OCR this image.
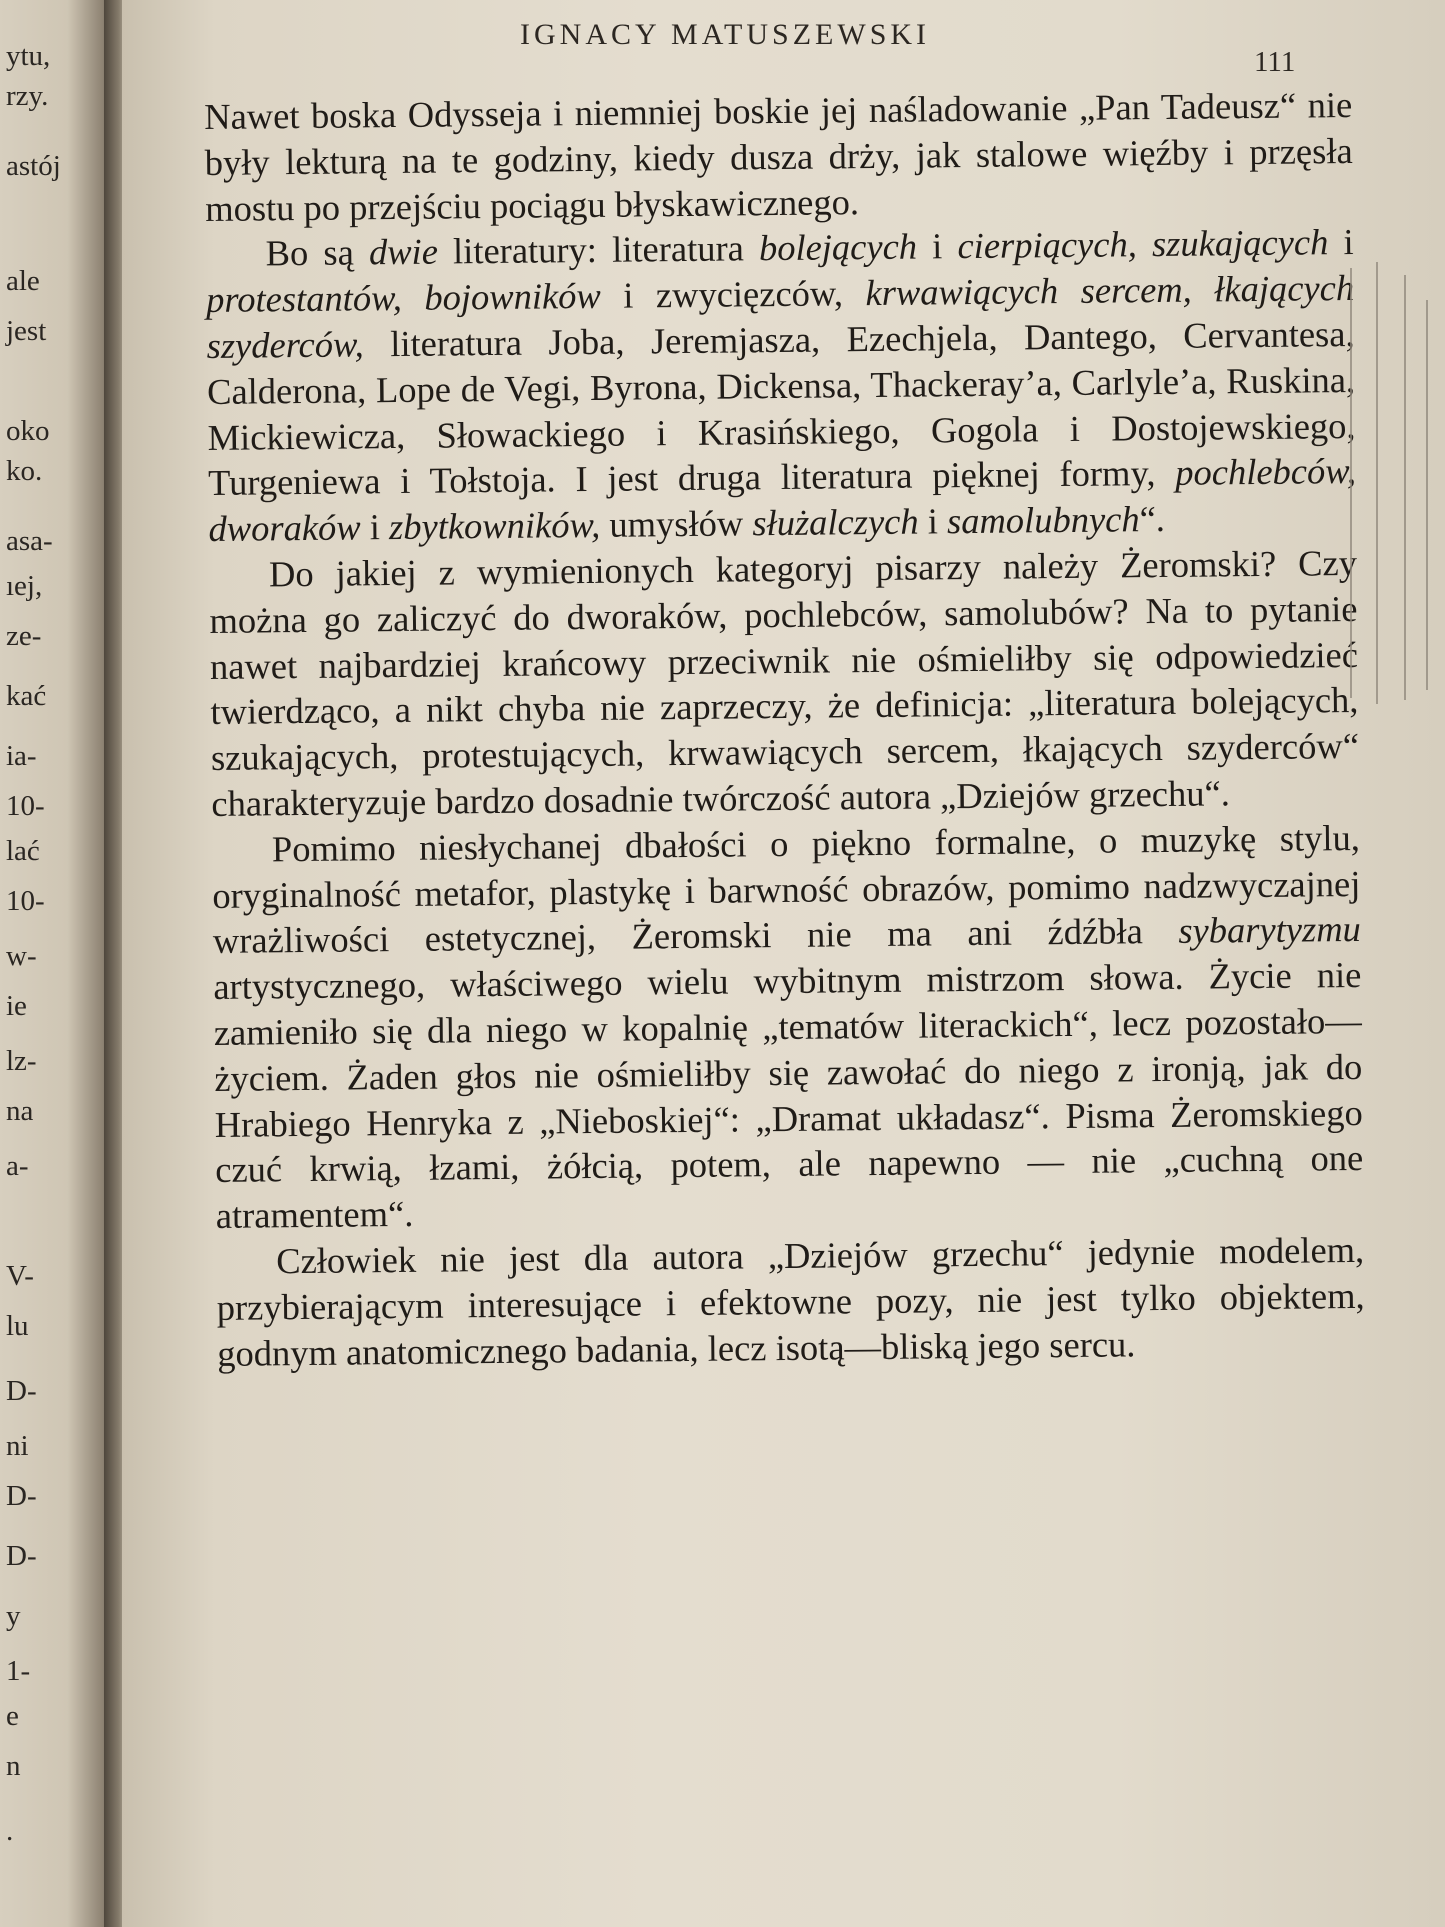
ytu,
rzy.
astój
ale
jest
oko
ko.
asa-
ıej,
ze-
kać
ia-
10-
lać
10-
w-
ie
lz-
na
a-
V-
lu
D-
ni
D-
D-
y
1-
e
n
.
IGNACY MATUSZEWSKI
111

Nawet boska Odysseja i niemniej boskie jej naśladowanie „Pan Tadeusz“ nie były lekturą na te godziny, kiedy dusza drży, jak stalowe więźby i przęsła mostu po przejściu pociągu błyskawicznego.

Bo są dwie literatury: literatura bolejących i cierpiących, szukających i protestantów, bojowników i zwycięzców, krwawiących sercem, łkających szyderców, literatura Joba, Jeremjasza, Ezechjela, Dantego, Cervantesa, Calderona, Lope de Vegi, Byrona, Dickensa, Thackeray’a, Carlyle’a, Ruskina, Mickiewicza, Słowackiego i Krasińskiego, Gogola i Dostojewskiego, Turgeniewa i Tołstoja. I jest druga literatura pięknej formy, pochlebców, dworaków i zbytkowników, umysłów służalczych i samolubnych“.

Do jakiej z wymienionych kategoryj pisarzy należy Żeromski? Czy można go zaliczyć do dworaków, pochlebców, samolubów? Na to pytanie nawet najbardziej krańcowy przeciwnik nie ośmieliłby się odpowiedzieć twierdząco, a nikt chyba nie zaprzeczy, że definicja: „literatura bolejących, szukających, protestujących, krwawiących sercem, łkających szyderców“ charakteryzuje bardzo dosadnie twórczość autora „Dziejów grzechu“.

Pomimo niesłychanej dbałości o piękno formalne, o muzykę stylu, oryginalność metafor, plastykę i barwność obrazów, pomimo nadzwyczajnej wrażliwości estetycznej, Żeromski nie ma ani źdźbła sybarytyzmu artystycznego, właściwego wielu wybitnym mistrzom słowa. Życie nie zamieniło się dla niego w kopalnię „tematów literackich“, lecz pozostało—życiem. Żaden głos nie ośmieliłby się zawołać do niego z ironją, jak do Hrabiego Henryka z „Nieboskiej“: „Dramat układasz“. Pisma Żeromskiego czuć krwią, łzami, żółcią, potem, ale napewno — nie „cuchną one atramentem“.

Człowiek nie jest dla autora „Dziejów grzechu“ jedynie modelem, przybierającym interesujące i efektowne pozy, nie jest tylko objektem, godnym anatomicznego badania, lecz isotą—bliską jego sercu.
